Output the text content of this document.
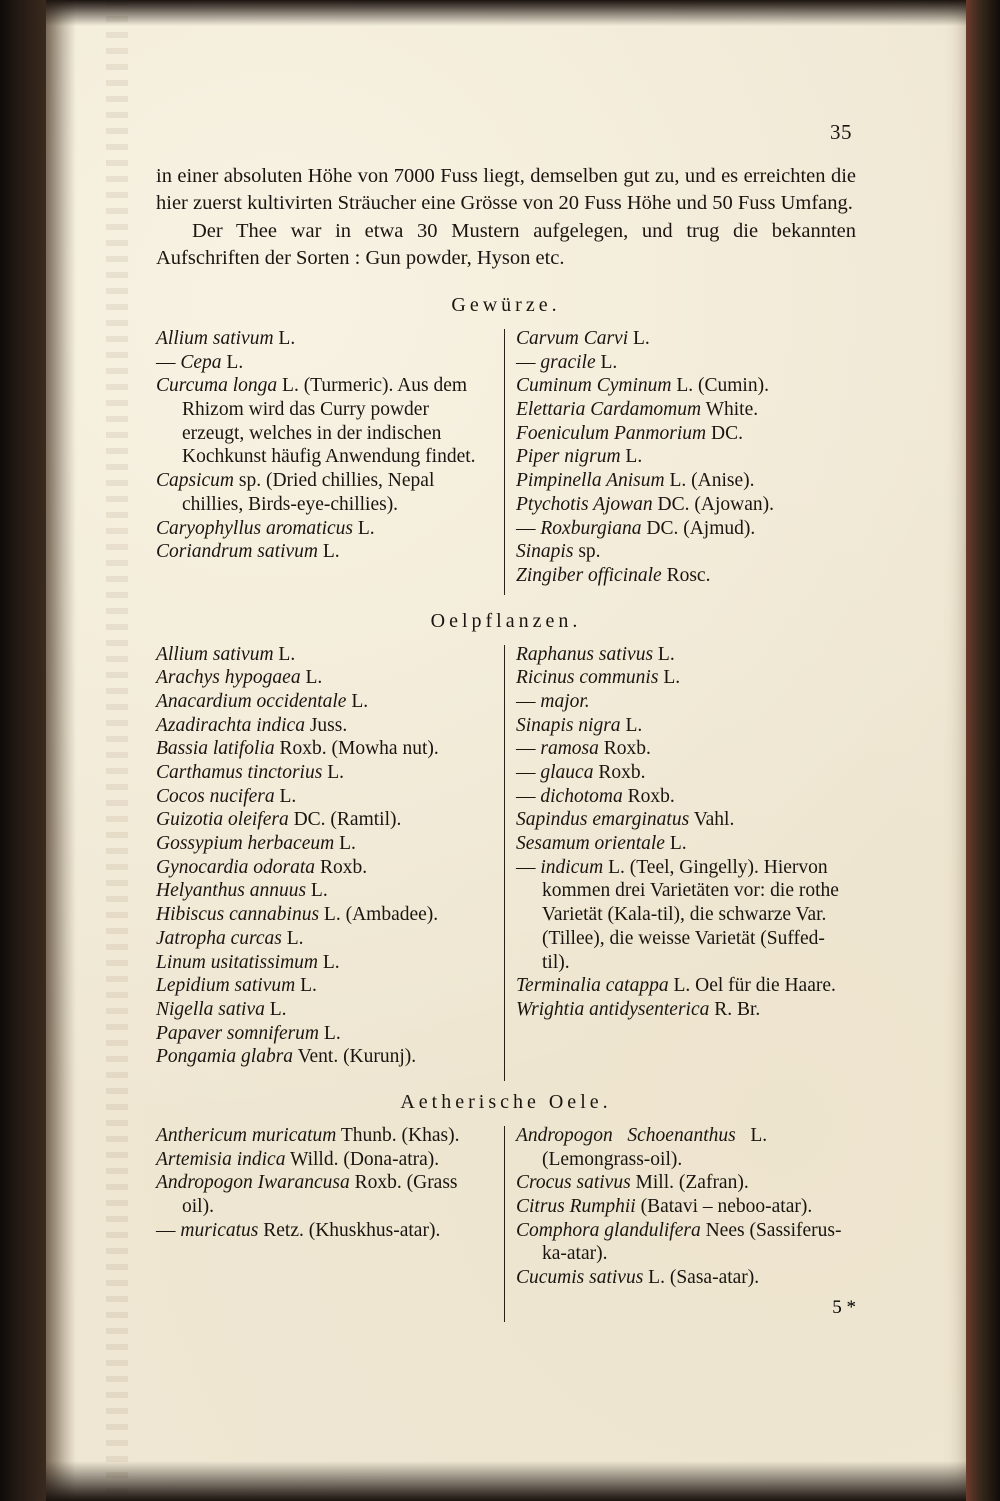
35

in einer absoluten Höhe von 7000 Fuss liegt, demselben gut zu, und es erreichten die hier zuerst kultivirten Sträucher eine Grösse von 20 Fuss Höhe und 50 Fuss Umfang.

Der Thee war in etwa 30 Mustern aufgelegen, und trug die bekannten Aufschriften der Sorten : Gun powder, Hyson etc.

Gewürze.

Allium sativum L.

— Cepa L.

Curcuma longa L. (Turmeric). Aus dem Rhizom wird das Curry powder erzeugt, welches in der indischen Kochkunst häufig Anwendung findet.

Capsicum sp. (Dried chillies, Nepal chillies, Birds-eye-chillies).

Caryophyllus aromaticus L.

Coriandrum sativum L.

Carvum Carvi L.

— gracile L.

Cuminum Cyminum L. (Cumin).

Elettaria Cardamomum White.

Foeniculum Panmorium DC.

Piper nigrum L.

Pimpinella Anisum L. (Anise).

Ptychotis Ajowan DC. (Ajowan).

— Roxburgiana DC. (Ajmud).

Sinapis sp.

Zingiber officinale Rosc.

Oelpflanzen.

Allium sativum L.

Arachys hypogaea L.

Anacardium occidentale L.

Azadirachta indica Juss.

Bassia latifolia Roxb. (Mowha nut).

Carthamus tinctorius L.

Cocos nucifera L.

Guizotia oleifera DC. (Ramtil).

Gossypium herbaceum L.

Gynocardia odorata Roxb.

Helyanthus annuus L.

Hibiscus cannabinus L. (Ambadee).

Jatropha curcas L.

Linum usitatissimum L.

Lepidium sativum L.

Nigella sativa L.

Papaver somniferum L.

Pongamia glabra Vent. (Kurunj).

Raphanus sativus L.

Ricinus communis L.

— major.

Sinapis nigra L.

— ramosa Roxb.

— glauca Roxb.

— dichotoma Roxb.

Sapindus emarginatus Vahl.

Sesamum orientale L.

— indicum L. (Teel, Gingelly). Hiervon kommen drei Varietäten vor: die rothe Varietät (Kala-til), die schwarze Var. (Tillee), die weisse Varietät (Suffed-til).

Terminalia catappa L. Oel für die Haare.

Wrightia antidysenterica R. Br.

Aetherische Oele.

Anthericum muricatum Thunb. (Khas).

Artemisia indica Willd. (Dona-atra).

Andropogon Iwarancusa Roxb. (Grass oil).

— muricatus Retz. (Khuskhus-atar).

Andropogon   Schoenanthus   L. (Lemongrass-oil).

Crocus sativus Mill. (Zafran).

Citrus Rumphii (Batavi – neboo-atar).

Comphora glandulifera Nees (Sassiferus-ka-atar).

Cucumis sativus L. (Sasa-atar).

5 *
